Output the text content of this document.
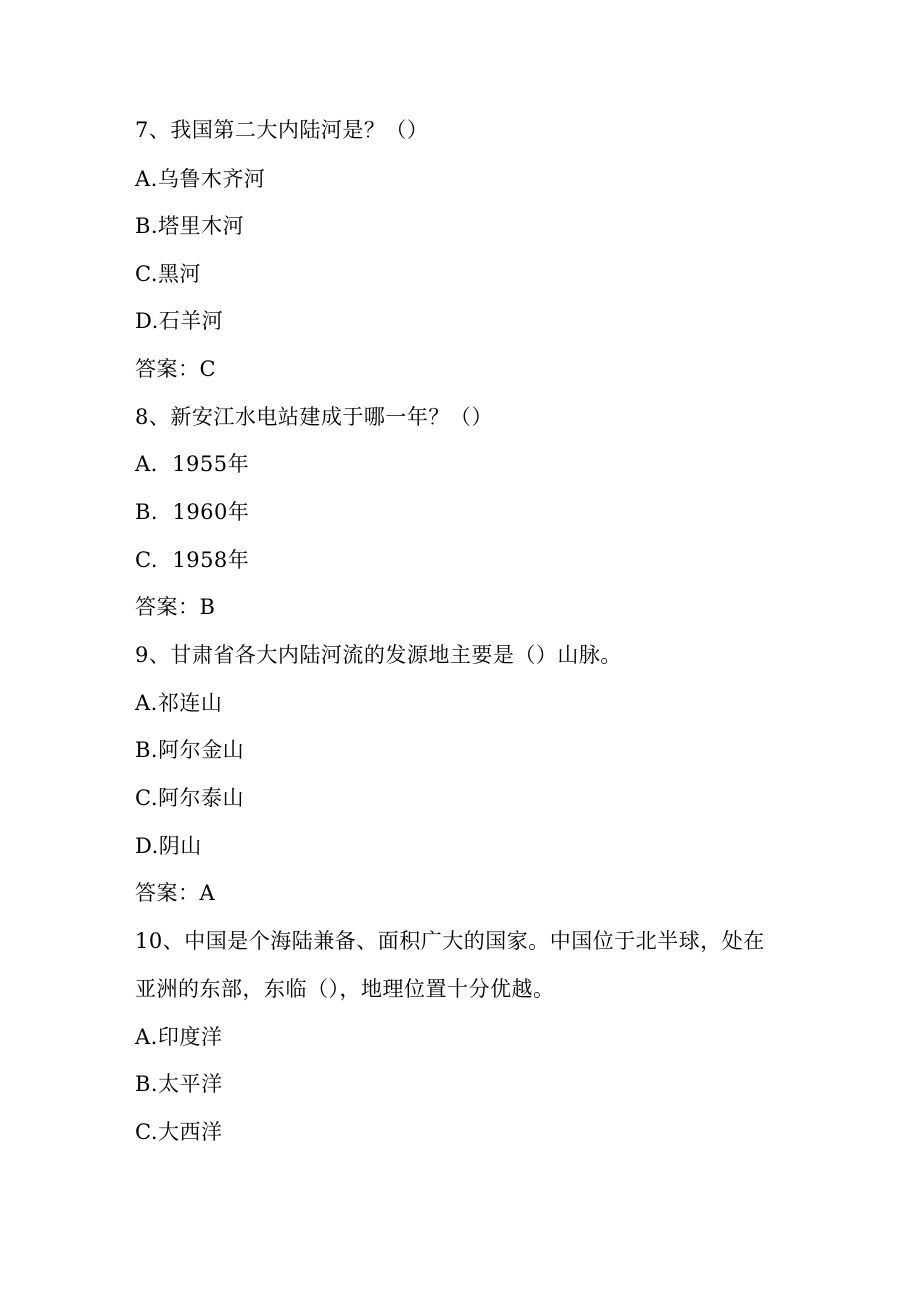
7、我国第二大内陆河是？（）
A.乌鲁木齐河
B.塔里木河
C.黑河
D.石羊河
答案：C
8、新安江水电站建成于哪一年？（）
A.  1955年
B.  1960年
C.  1958年
答案：B
9、甘肃省各大内陆河流的发源地主要是（）山脉。
A.祁连山
B.阿尔金山
C.阿尔泰山
D.阴山
答案：A
10、中国是个海陆兼备、面积广大的国家。中国位于北半球，处在
亚洲的东部，东临（），地理位置十分优越。
A.印度洋
B.太平洋
C.大西洋
